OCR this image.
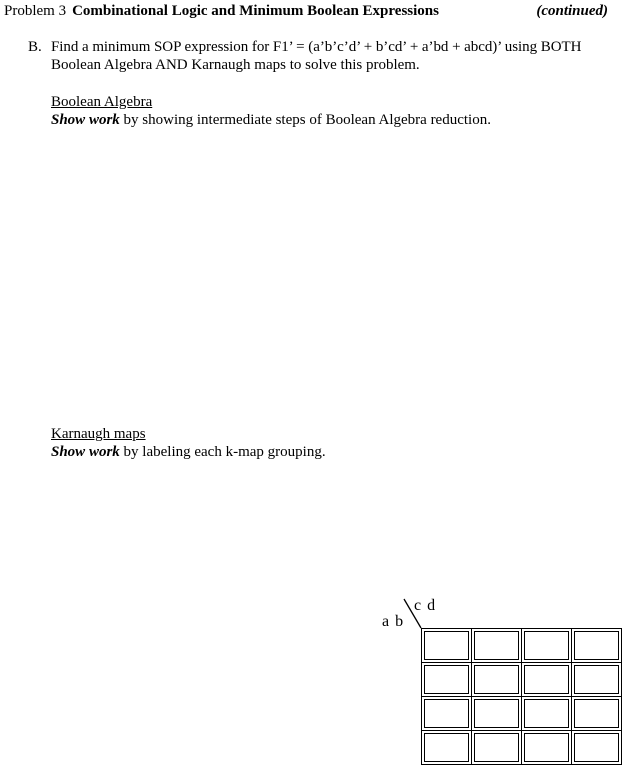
Problem 3 Combinational Logic and Minimum Boolean Expressions	(continued)
B. Find a minimum SOP expression for F1’ = (a’b’c’d’ + b’cd’ + a’bd + abcd)’ using BOTH
Boolean Algebra AND Karnaugh maps to solve this problem.
Boolean Algebra
Show work by showing intermediate steps of Boolean Algebra reduction.
Karnaugh maps
Show work by labeling each k-map grouping.
c d
a b
